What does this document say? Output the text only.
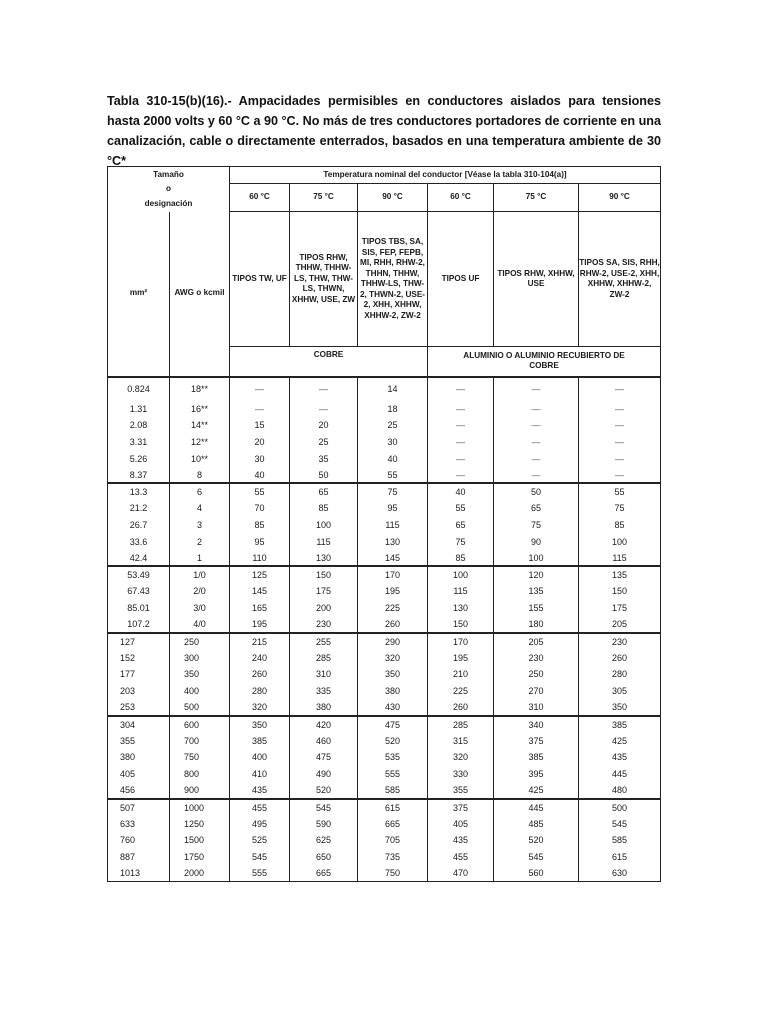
Tabla 310-15(b)(16).- Ampacidades permisibles en conductores aislados para tensiones hasta 2000 volts y 60 °C a 90 °C. No más de tres conductores portadores de corriente en una canalización, cable o directamente enterrados, basados en una temperatura ambiente de 30 °C*
Tamaño
o
designación		Temperatura nominal del conductor [Véase la tabla 310-104(a)]					
		60 °C	75 °C	90 °C	60 °C	75 °C	90 °C
mm²	AWG o kcmil	TIPOS TW, UF	TIPOS RHW, THHW, THHW-LS, THW, THW-LS, THWN, XHHW, USE, ZW	TIPOS TBS, SA, SIS, FEP, FEPB, MI, RHH, RHW-2, THHN, THHW, THHW-LS, THW-2, THWN-2, USE-2, XHH, XHHW, XHHW-2, ZW-2	TIPOS UF	TIPOS RHW, XHHW, USE	TIPOS SA, SIS, RHH, RHW-2, USE-2, XHH, XHHW, XHHW-2, ZW-2
		COBRE			ALUMINIO O ALUMINIO RECUBIERTO DE COBRE		
0.824	18**	—	—	14	—	—	—
1.31	16**	—	—	18	—	—	—
2.08	14**	15	20	25	—	—	—
3.31	12**	20	25	30	—	—	—
5.26	10**	30	35	40	—	—	—
8.37	8	40	50	55	—	—	—
13.3	6	55	65	75	40	50	55
21.2	4	70	85	95	55	65	75
26.7	3	85	100	115	65	75	85
33.6	2	95	115	130	75	90	100
42.4	1	110	130	145	85	100	115
53.49	1/0	125	150	170	100	120	135
67.43	2/0	145	175	195	115	135	150
85.01	3/0	165	200	225	130	155	175
107.2	4/0	195	230	260	150	180	205
127	250	215	255	290	170	205	230
152	300	240	285	320	195	230	260
177	350	260	310	350	210	250	280
203	400	280	335	380	225	270	305
253	500	320	380	430	260	310	350
304	600	350	420	475	285	340	385
355	700	385	460	520	315	375	425
380	750	400	475	535	320	385	435
405	800	410	490	555	330	395	445
456	900	435	520	585	355	425	480
507	1000	455	545	615	375	445	500
633	1250	495	590	665	405	485	545
760	1500	525	625	705	435	520	585
887	1750	545	650	735	455	545	615
1013	2000	555	665	750	470	560	630
